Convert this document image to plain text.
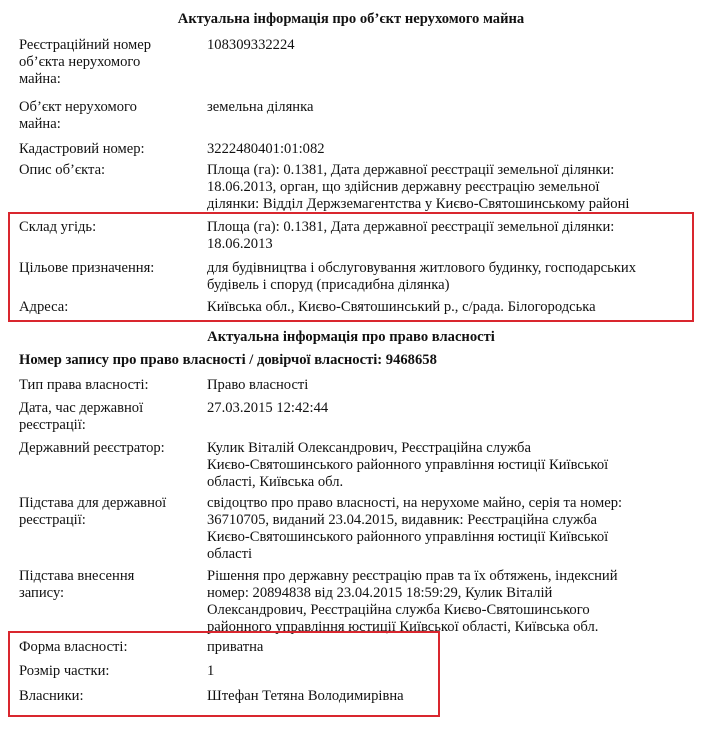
Актуальна інформація про об’єкт нерухомого майна
Реєстраційний номер
об’єкта нерухомого
майна:
108309332224
Об’єкт нерухомого
майна:
земельна ділянка
Кадастровий номер:	3222480401:01:082
Опис об’єкта:	Площа (га): 0.1381, Дата державної реєстрації земельної ділянки:
18.06.2013, орган, що здійснив державну реєстрацію земельної
ділянки: Відділ Держземагентства у Києво-Святошинському районі
Склад угідь:	Площа (га): 0.1381, Дата державної реєстрації земельної ділянки:
18.06.2013
Цільове призначення:	для будівництва і обслуговування житлового будинку, господарських
будівель і споруд (присадибна ділянка)
Адреса:	Київська обл., Києво-Святошинський р., с/рада. Білогородська
Актуальна інформація про право власності
Номер запису про право власності / довірчої власності: 9468658
Тип права власності:	Право власності
Дата, час державної
реєстрації:
27.03.2015 12:42:44
Державний реєстратор:	Кулик Віталій Олександрович, Реєстраційна служба
Києво-Святошинського районного управління юстиції Київської
області, Київська обл.
Підстава для державної
реєстрації:
свідоцтво про право власності, на нерухоме майно, серія та номер:
36710705, виданий 23.04.2015, видавник: Реєстраційна служба
Києво-Святошинського районного управління юстиції Київської
області
Підстава внесення
запису:
Рішення про державну реєстрацію прав та їх обтяжень, індексний
номер: 20894838 від 23.04.2015 18:59:29, Кулик Віталій
Олександрович, Реєстраційна служба Києво-Святошинського
районного управління юстиції Київської області, Київська обл.
Форма власності:	приватна
Розмір частки:	1
Власники:	Штефан Тетяна Володимирівна
